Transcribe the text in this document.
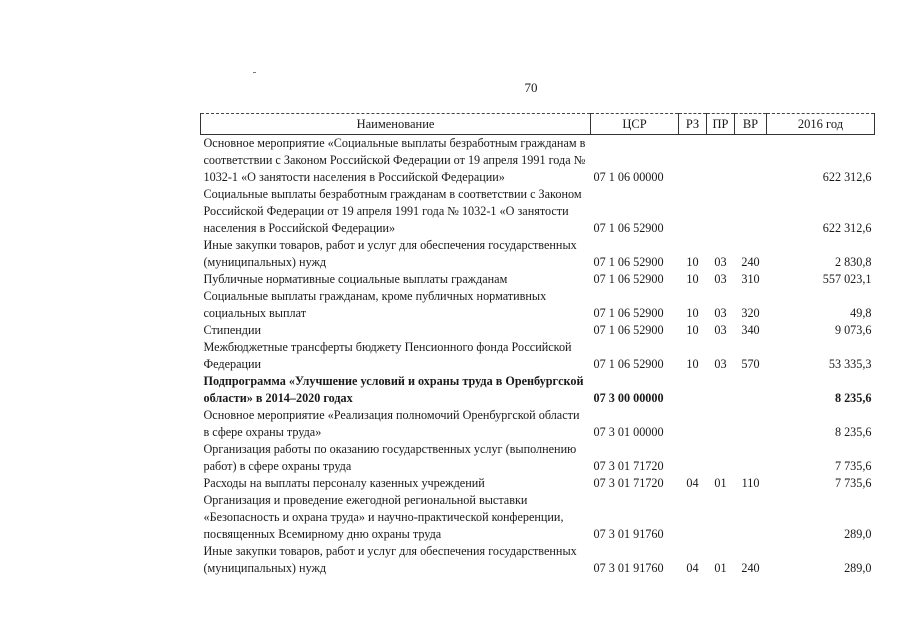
70
Наименование	ЦСР	РЗ	ПР	ВР	2016 год
Основное мероприятие «Социальные выплаты безработным гражданам в соответствии с Законом Российской Федерации от 19 апреля 1991 года № 1032-1 «О занятости населения в Российской Федерации»	07 1 06 00000				622 312,6
Социальные выплаты безработным гражданам в соответствии с Законом Российской Федерации от 19 апреля 1991 года № 1032-1 «О занятости населения в Российской Федерации»	07 1 06 52900				622 312,6
Иные закупки товаров, работ и услуг для обеспечения государственных (муниципальных) нужд	07 1 06 52900	10	03	240	2 830,8
Публичные нормативные социальные выплаты гражданам	07 1 06 52900	10	03	310	557 023,1
Социальные выплаты гражданам, кроме публичных нормативных социальных выплат	07 1 06 52900	10	03	320	49,8
Стипендии	07 1 06 52900	10	03	340	9 073,6
Межбюджетные трансферты бюджету Пенсионного фонда Российской Федерации	07 1 06 52900	10	03	570	53 335,3
Подпрограмма «Улучшение условий и охраны труда в Оренбургской области» в 2014–2020 годах	07 3 00 00000				8 235,6
Основное мероприятие «Реализация полномочий Оренбургской области в сфере охраны труда»	07 3 01 00000				8 235,6
Организация работы по оказанию государственных услуг (выполнению работ) в сфере охраны труда	07 3 01 71720				7 735,6
Расходы на выплаты персоналу казенных учреждений	07 3 01 71720	04	01	110	7 735,6
Организация и проведение ежегодной региональной выставки «Безопасность и охрана труда» и научно-практической конференции, посвященных Всемирному дню охраны труда	07 3 01 91760				289,0
Иные закупки товаров, работ и услуг для обеспечения государственных (муниципальных) нужд	07 3 01 91760	04	01	240	289,0
